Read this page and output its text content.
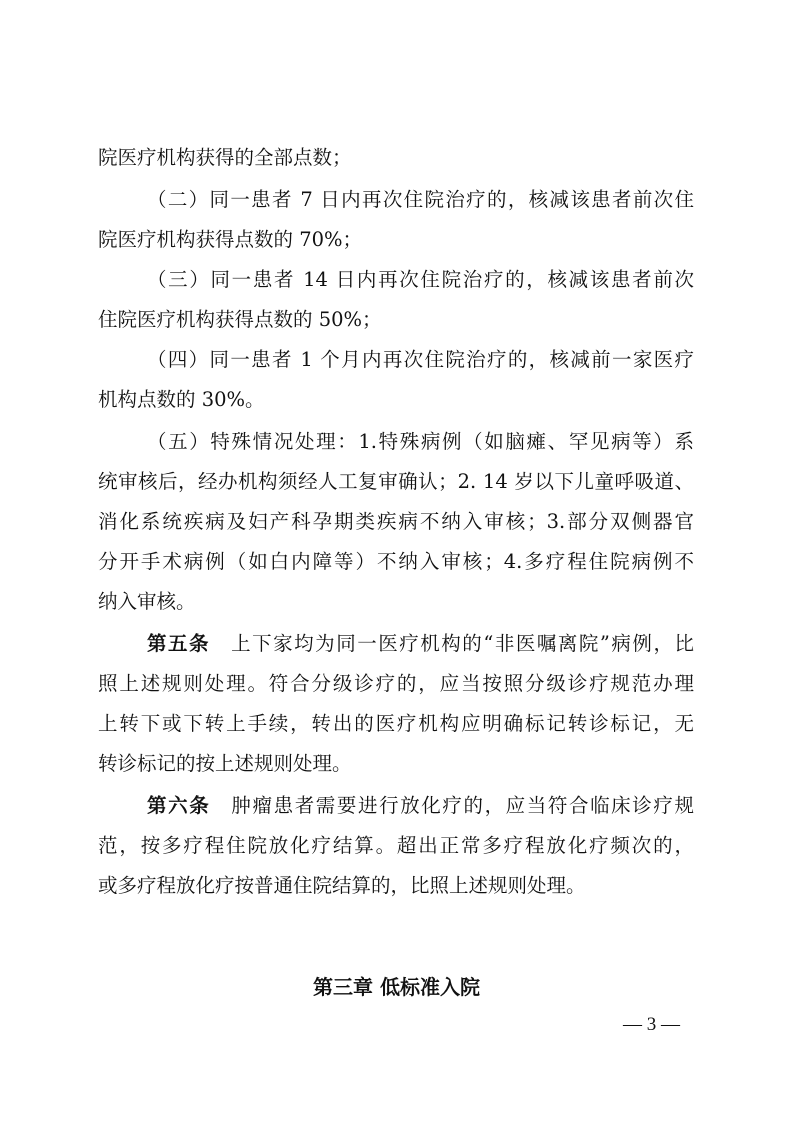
院医疗机构获得的全部点数；
（二）同一患者 7 日内再次住院治疗的，核减该患者前次住
院医疗机构获得点数的 70%；
（三）同一患者 14 日内再次住院治疗的，核减该患者前次
住院医疗机构获得点数的 50%；
（四）同一患者 1 个月内再次住院治疗的，核减前一家医疗
机构点数的 30%。
（五）特殊情况处理：1.特殊病例（如脑瘫、罕见病等）系
统审核后，经办机构须经人工复审确认；2. 14 岁以下儿童呼吸道、
消化系统疾病及妇产科孕期类疾病不纳入审核；3.部分双侧器官
分开手术病例（如白内障等）不纳入审核；4.多疗程住院病例不
纳入审核。
第五条　 上下家均为同一医疗机构的“非医嘱离院”病例，比
照上述规则处理。符合分级诊疗的，应当按照分级诊疗规范办理
上转下或下转上手续，转出的医疗机构应明确标记转诊标记，无
转诊标记的按上述规则处理。
第六条　 肿瘤患者需要进行放化疗的，应当符合临床诊疗规
范，按多疗程住院放化疗结算。超出正常多疗程放化疗频次的，
或多疗程放化疗按普通住院结算的，比照上述规则处理。
第三章 低标准入院
— 3 —
